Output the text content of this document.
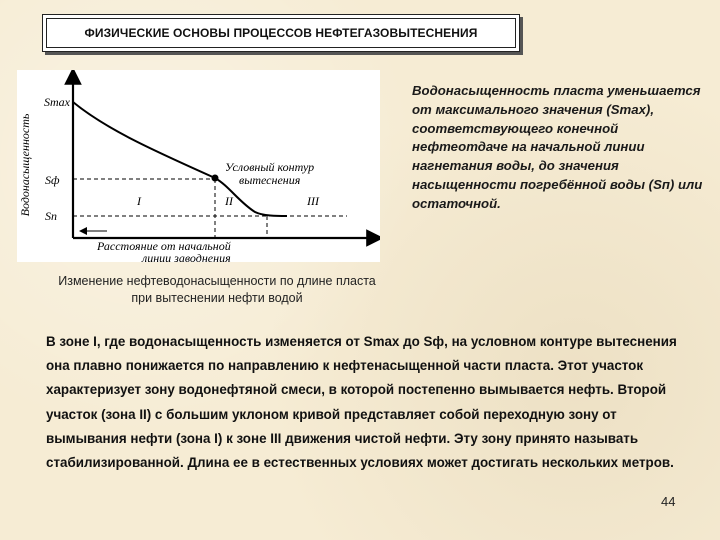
ФИЗИЧЕСКИЕ ОСНОВЫ ПРОЦЕССОВ НЕФТЕГАЗОВЫТЕСНЕНИЯ
Водонасыщенность
Smax
Sф
Sп
Условный контур
вытеснения
I	II	III
Расстояние от начальной
линии заводнения
Изменение нефтеводонасыщенности по длине пласта при вытеснении нефти водой
Водонасыщенность пласта уменьшается от максимального значения (Smax), соответствующего конечной нефтеотдаче на начальной линии нагнетания воды, до значения насыщенности погребённой воды (Sп) или остаточной.
В зоне I, где водонасыщенность изменяется от Smax до Sф, на условном контуре вытеснения она плавно понижается по направлению к нефтенасыщенной части пласта. Этот участок характеризует зону водонефтяной смеси, в которой постепенно вымывается нефть. Второй участок (зона II) с большим уклоном кривой представляет собой переходную зону от вымывания нефти (зона I) к зоне III движения чистой нефти. Эту зону принято называть стабилизированной. Длина ее в естественных условиях может достигать нескольких метров.
44
